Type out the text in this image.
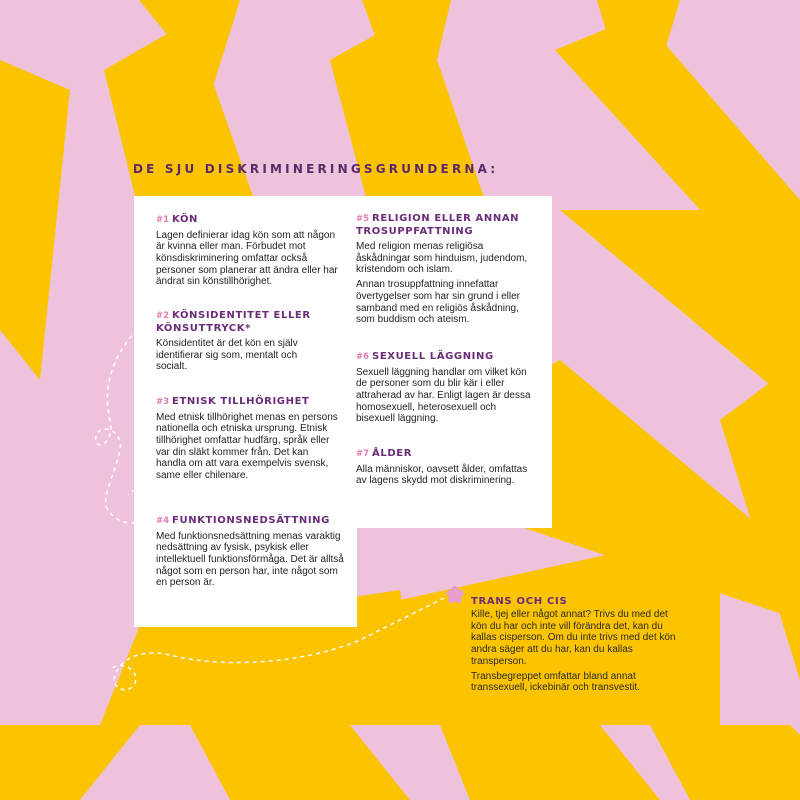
DE SJU DISKRIMINERINGSGRUNDERNA:
#1 KÖN

Lagen definierar idag kön som att någon är kvinna eller man. Förbudet mot könsdiskriminering omfattar också personer som planerar att ändra eller har ändrat sin könstillhörighet.

#2 KÖNSIDENTITET ELLER KÖNSUTTRYCK*

Könsidentitet är det kön en själv identifierar sig som, mentalt och socialt.

#3 ETNISK TILLHÖRIGHET

Med etnisk tillhörighet menas en persons nationella och etniska ursprung. Etnisk tillhörighet omfattar hudfärg, språk eller var din släkt kommer från. Det kan handla om att vara exempelvis svensk, same eller chilenare.

#4 FUNKTIONSNEDSÄTTNING

Med funktionsnedsättning menas varaktig nedsättning av fysisk, psykisk eller intellektuell funktionsförmåga. Det är alltså något som en person har, inte något som en person är.

#5 RELIGION ELLER ANNAN TROSUPPFATTNING

Med religion menas religiösa åskådningar som hinduism, judendom, kristendom och islam.

Annan trosuppfattning innefattar övertygelser som har sin grund i eller samband med en religiös åskådning, som buddism och ateism.

#6 SEXUELL LÄGGNING

Sexuell läggning handlar om vilket kön de personer som du blir kär i eller attraherad av har. Enligt lagen är dessa homosexuell, heterosexuell och bisexuell läggning.

#7 ÅLDER

Alla människor, oavsett ålder, omfattas av lagens skydd mot diskriminering.

TRANS OCH CIS

Kille, tjej eller något annat? Trivs du med det kön du har och inte vill förändra det, kan du kallas cisperson. Om du inte trivs med det kön andra säger att du har, kan du kallas transperson.

Transbegreppet omfattar bland annat transsexuell, ickebinär och transvestit.
